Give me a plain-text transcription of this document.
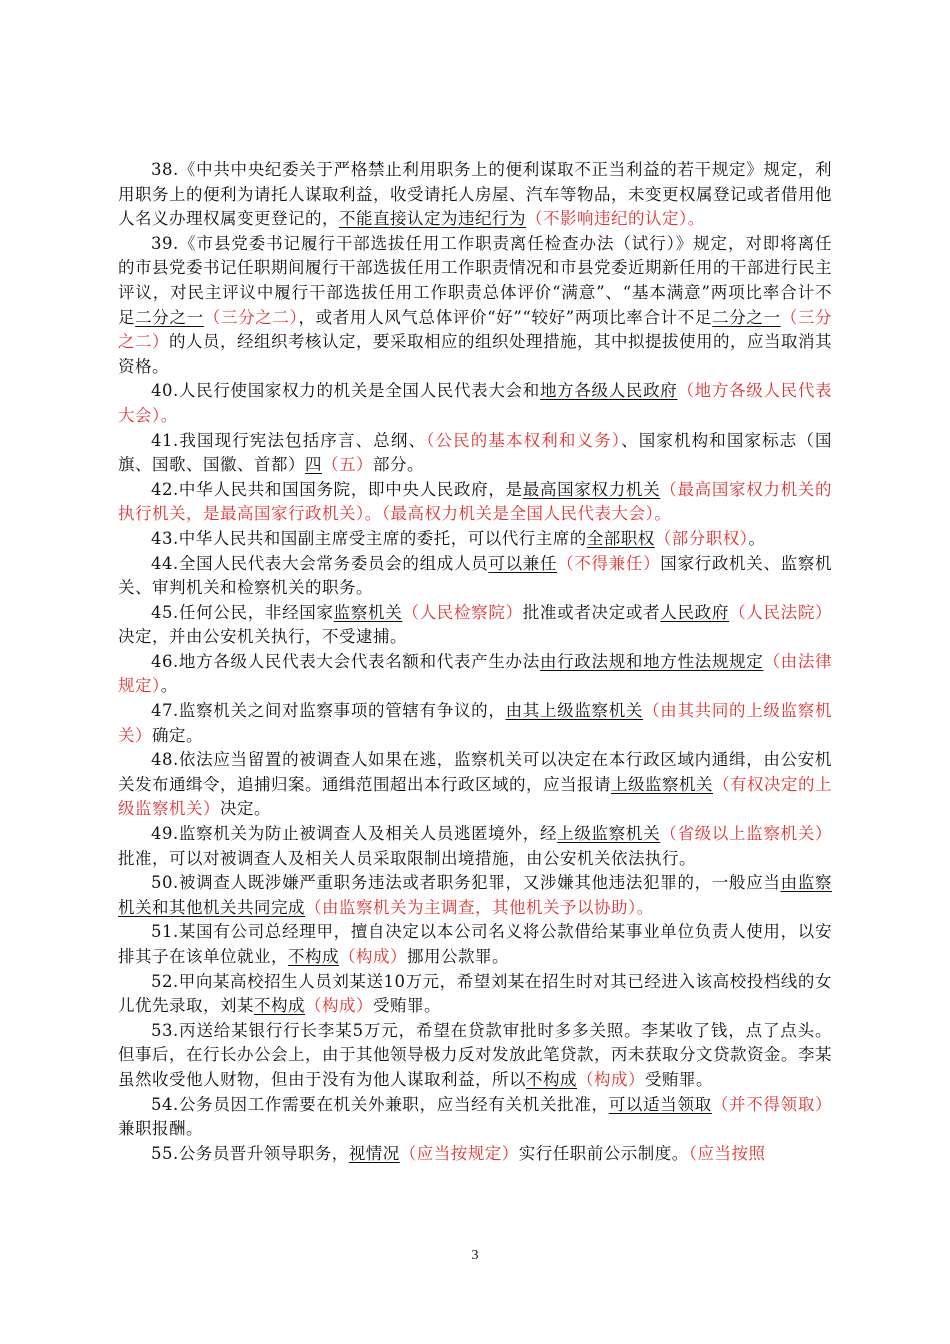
38.《中共中央纪委关于严格禁止利用职务上的便利谋取不正当利益的若干规定》规定，利用职务上的便利为请托人谋取利益，收受请托人房屋、汽车等物品，未变更权属登记或者借用他人名义办理权属变更登记的，不能直接认定为违纪行为（不影响违纪的认定）。

39.《市县党委书记履行干部选拔任用工作职责离任检查办法（试行）》规定，对即将离任的市县党委书记任职期间履行干部选拔任用工作职责情况和市县党委近期新任用的干部进行民主评议，对民主评议中履行干部选拔任用工作职责总体评价“满意”、“基本满意”两项比率合计不足二分之一（三分之二），或者用人风气总体评价“好”“较好”两项比率合计不足二分之一（三分之二）的人员，经组织考核认定，要采取相应的组织处理措施，其中拟提拔使用的，应当取消其资格。

40.人民行使国家权力的机关是全国人民代表大会和地方各级人民政府（地方各级人民代表大会）。

41.我国现行宪法包括序言、总纲、（公民的基本权利和义务）、国家机构和国家标志（国旗、国歌、国徽、首都）四（五）部分。

42.中华人民共和国国务院，即中央人民政府，是最高国家权力机关（最高国家权力机关的执行机关，是最高国家行政机关）。（最高权力机关是全国人民代表大会）。

43.中华人民共和国副主席受主席的委托，可以代行主席的全部职权（部分职权）。

44.全国人民代表大会常务委员会的组成人员可以兼任（不得兼任）国家行政机关、监察机关、审判机关和检察机关的职务。

45.任何公民，非经国家监察机关（人民检察院）批准或者决定或者人民政府（人民法院）决定，并由公安机关执行，不受逮捕。

46.地方各级人民代表大会代表名额和代表产生办法由行政法规和地方性法规规定（由法律规定）。

47.监察机关之间对监察事项的管辖有争议的，由其上级监察机关（由其共同的上级监察机关）确定。

48.依法应当留置的被调查人如果在逃，监察机关可以决定在本行政区域内通缉，由公安机关发布通缉令，追捕归案。通缉范围超出本行政区域的，应当报请上级监察机关（有权决定的上级监察机关）决定。

49.监察机关为防止被调查人及相关人员逃匿境外，经上级监察机关（省级以上监察机关）批准，可以对被调查人及相关人员采取限制出境措施，由公安机关依法执行。

50.被调查人既涉嫌严重职务违法或者职务犯罪，又涉嫌其他违法犯罪的，一般应当由监察机关和其他机关共同完成（由监察机关为主调查，其他机关予以协助）。

51.某国有公司总经理甲，擅自决定以本公司名义将公款借给某事业单位负责人使用，以安排其子在该单位就业，不构成（构成）挪用公款罪。

52.甲向某高校招生人员刘某送10万元，希望刘某在招生时对其已经进入该高校投档线的女儿优先录取，刘某不构成（构成）受贿罪。

53.丙送给某银行行长李某5万元，希望在贷款审批时多多关照。李某收了钱，点了点头。但事后，在行长办公会上，由于其他领导极力反对发放此笔贷款，丙未获取分文贷款资金。李某虽然收受他人财物，但由于没有为他人谋取利益，所以不构成（构成）受贿罪。

54.公务员因工作需要在机关外兼职，应当经有关机关批准，可以适当领取（并不得领取）兼职报酬。

55.公务员晋升领导职务，视情况（应当按规定）实行任职前公示制度。（应当按照

3
